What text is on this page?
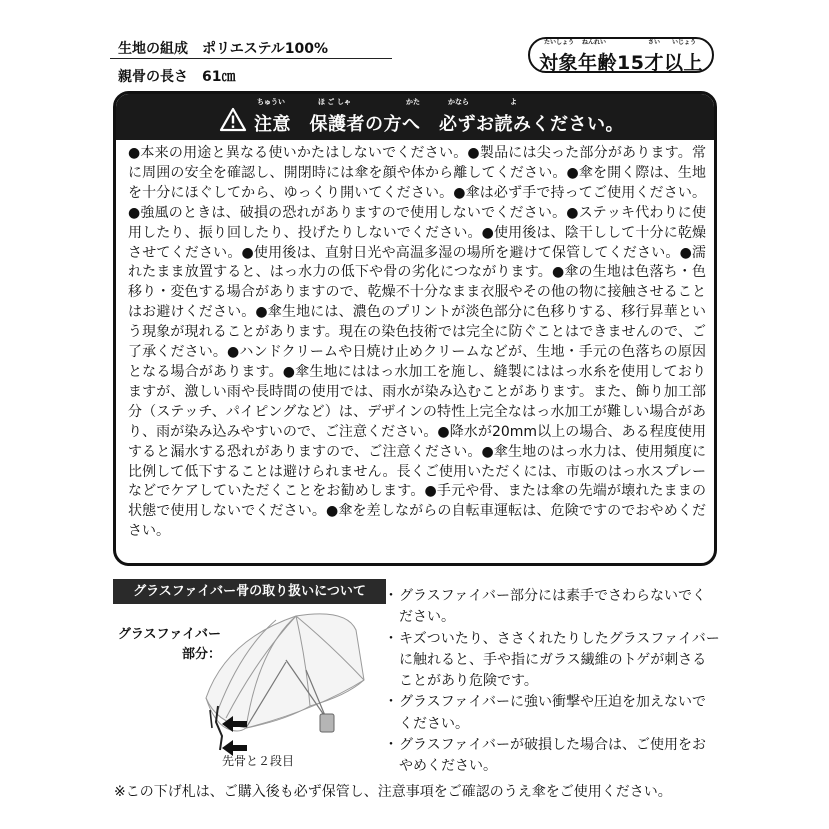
生地の組成 ポリエステル100%
親骨の長さ 61㎝
たいしょう ねんれい	さい いじょう
対象年齢15才以上
ちゅうい	ほ ご しゃ	かた	かなら	よ
注意　保護者の方へ　必ずお読みください。
●本来の用途と異なる使いかたはしないでください。●製品には尖った部分があります。常に周囲の安全を確認し、開閉時には傘を顔や体から離してください。●傘を開く際は、生地を十分にほぐしてから、ゆっくり開いてください。●傘は必ず手で持ってご使用ください。●強風のときは、破損の恐れがありますので使用しないでください。●ステッキ代わりに使用したり、振り回したり、投げたりしないでください。●使用後は、陰干しして十分に乾燥させてください。●使用後は、直射日光や高温多湿の場所を避けて保管してください。●濡れたまま放置すると、はっ水力の低下や骨の劣化につながります。●傘の生地は色落ち・色移り・変色する場合がありますので、乾燥不十分なまま衣服やその他の物に接触させることはお避けください。●傘生地には、濃色のプリントが淡色部分に色移りする、移行昇華という現象が現れることがあります。現在の染色技術では完全に防ぐことはできませんので、ご了承ください。●ハンドクリームや日焼け止めクリームなどが、生地・手元の色落ちの原因となる場合があります。●傘生地にははっ水加工を施し、縫製にははっ水糸を使用しておりますが、激しい雨や長時間の使用では、雨水が染み込むことがあります。また、飾り加工部分（ステッチ、パイピングなど）は、デザインの特性上完全なはっ水加工が難しい場合があり、雨が染み込みやすいので、ご注意ください。●降水が20mm以上の場合、ある程度使用すると漏水する恐れがありますので、ご注意ください。●傘生地のはっ水力は、使用頻度に比例して低下することは避けられません。長くご使用いただくには、市販のはっ水スプレーなどでケアしていただくことをお勧めします。●手元や骨、または傘の先端が壊れたままの状態で使用しないでください。●傘を差しながらの自転車運転は、危険ですのでおやめください。
グラスファイバー骨の取り扱いについて
グラスファイバー
部分：
先骨と２段目
・ グラスファイバー部分には素手でさわらないでください。
・ キズついたり、ささくれたりしたグラスファイバーに触れると、手や指にガラス繊維のトゲが刺さることがあり危険です。
・ グラスファイバーに強い衝撃や圧迫を加えないでください。
・ グラスファイバーが破損した場合は、ご使用をおやめください。
※この下げ札は、ご購入後も必ず保管し、注意事項をご確認のうえ傘をご使用ください。
